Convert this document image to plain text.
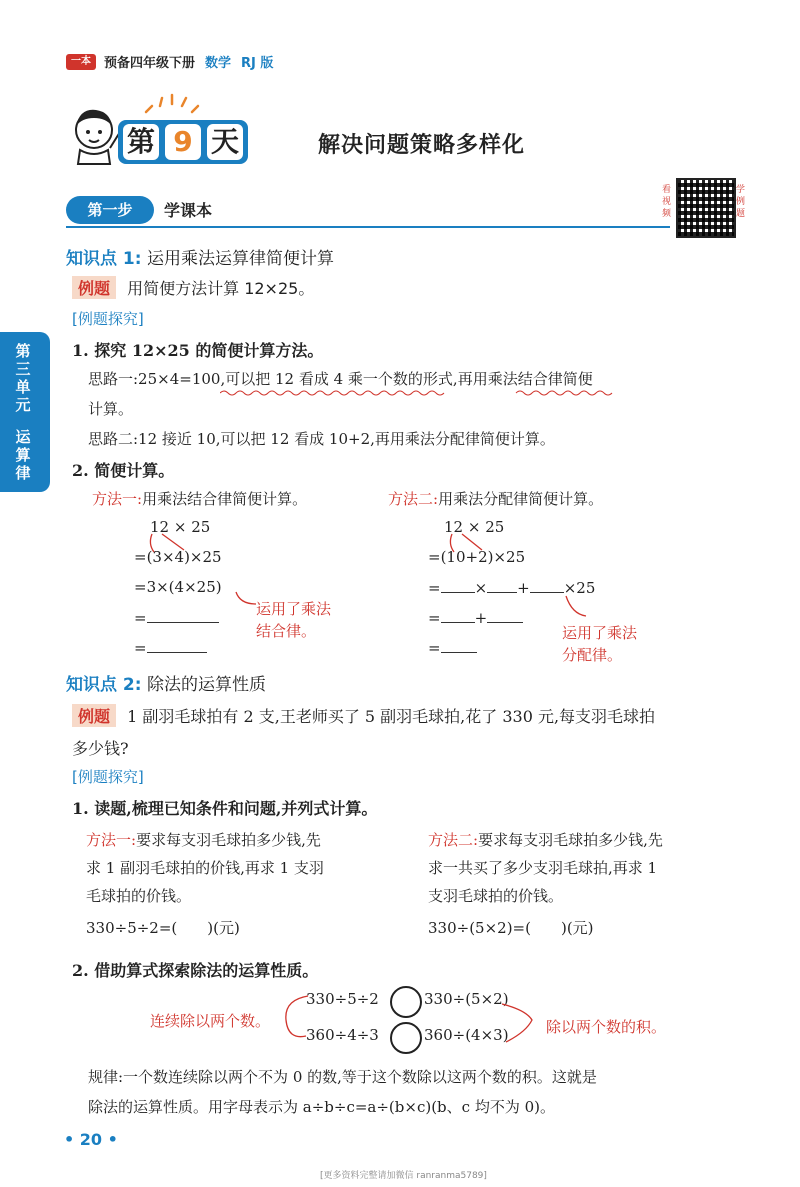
一本	预备四年级下册 数学 RJ 版
第 9 天	解决问题策略多样化
第一步	学课本
看视频
学例题
第三单元
运算律
知识点 1: 运用乘法运算律简便计算
例题 用简便方法计算 12×25。
[例题探究]
1. 探究 12×25 的简便计算方法。
思路一:25×4=100,可以把 12 看成 4 乘一个数的形式,再用乘法结合律简便
计算。
思路二:12 接近 10,可以把 12 看成 10+2,再用乘法分配律简便计算。
2. 简便计算。
方法一:用乘法结合律简便计算。	方法二:用乘法分配律简便计算。
12 × 25
=(3×4)×25
=3×(4×25)
=
=
运用了乘法
结合律。
12 × 25
=(10+2)×25
= × + ×25
= +
=
运用了乘法
分配律。
知识点 2: 除法的运算性质
例题 1 副羽毛球拍有 2 支,王老师买了 5 副羽毛球拍,花了 330 元,每支羽毛球拍
多少钱?
[例题探究]
1. 读题,梳理已知条件和问题,并列式计算。
方法一:要求每支羽毛球拍多少钱,先
求 1 副羽毛球拍的价钱,再求 1 支羽
毛球拍的价钱。
330÷5÷2=(　　)(元)
方法二:要求每支羽毛球拍多少钱,先
求一共买了多少支羽毛球拍,再求 1
支羽毛球拍的价钱。
330÷(5×2)=(　　)(元)
2. 借助算式探索除法的运算性质。
330÷5÷2	330÷(5×2)
360÷4÷3	360÷(4×3)
连续除以两个数。	除以两个数的积。
规律:一个数连续除以两个不为 0 的数,等于这个数除以这两个数的积。这就是
除法的运算性质。用字母表示为 a÷b÷c=a÷(b×c)(b、c 均不为 0)。
• 20 •
[更多资料完整请加微信 ranranma5789]
